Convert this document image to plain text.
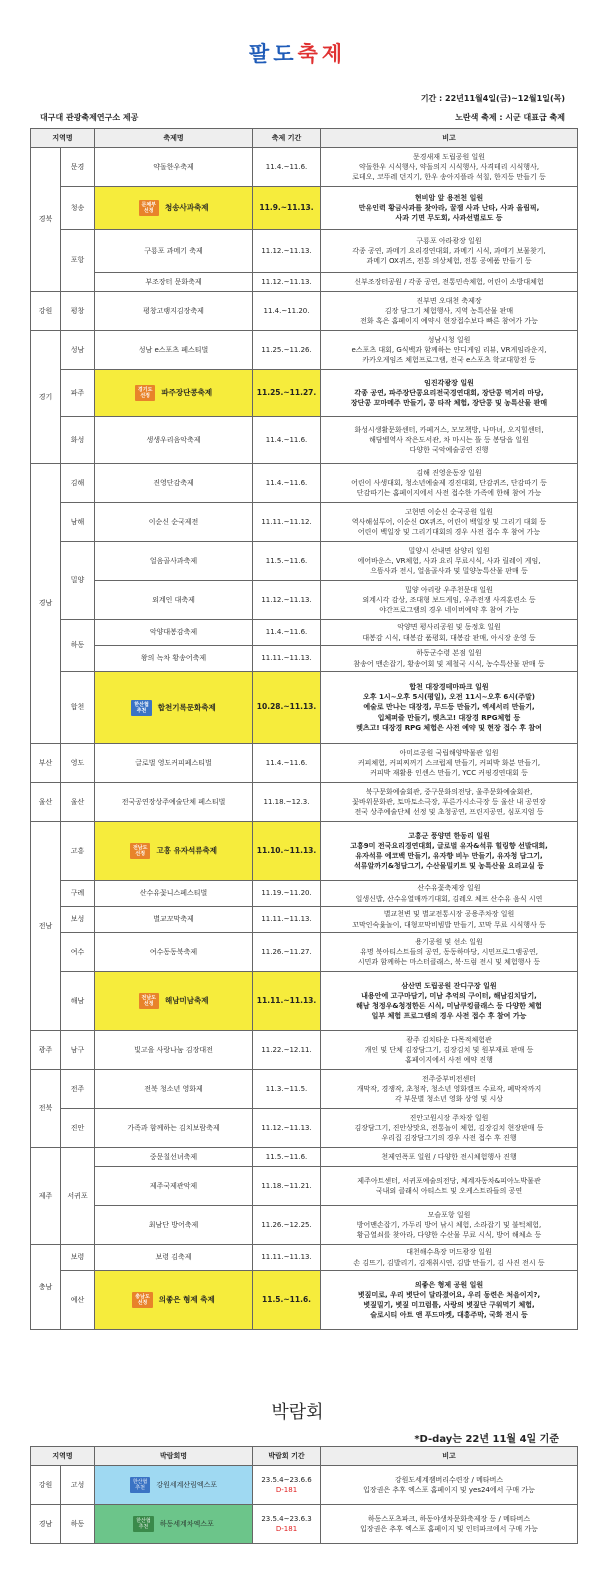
팔도축제
기간 : 22년11월4일(금)~12월1일(목)
대구대 관광축제연구소 제공	노란색 축제 : 시군 대표급 축제
지역명		축제명	축제 기간	비고
경북	문경	약돌한우축제	11.4.~11.6.	문경새재 도립공원 일원
약돌한우 시식행사, 약돌의지 시식행사, 사격테리 시식행사,
로데오, 코뚜레 던지기, 한우 송아지플라 석칠, 한지등 만들기 등
	청송	문체부
선정 청송사과축제	11.9.~11.13.	현비암 앞 용전천 일원
만유인력 황금사과를 찾아라, 꿀잼 사과 난타, 사과 올림픽,
사과 기면 무도회, 사과선별로도 등
	포항	구룡포 과메기 축제	11.12.~11.13.	구룡포 아라광장 일원
각종 공연, 과메기 요리경연대회, 과메기 시식, 과메기 보물찾기,
과메기 OX퀴즈, 전통 의상체험, 전통 공예품 만들기 등
		부조장터 문화축제	11.12.~11.13.	신부조장터공원 / 각종 공연, 전통민속체험, 어린이 소방대체험
강원	평창	평창고랭지김장축제	11.4.~11.20.	진부면 오대천 축제장
김장 담그기 체험행사, 지역 농특산물 판매
전화 혹은 홈페이지 예약시 현장접수보다 빠른 참여가 가능
경기	성남	성남 e스포츠 페스티벌	11.25.~11.26.	성남시청 일원
e스포츠 대회, G식백과 함께하는 얀디게임 리뷰, VR게임라운지,
카카오게임즈 체험프로그램, 전국 e스포츠 학교대항전 등
	파주	경기도
선정 파주장단콩축제	11.25.~11.27.	임진각광장 일원
각종 공연, 파주장단콩요리전국경연대회, 장단콩 먹거리 마당,
장단콩 꼬마메주 만들기, 콩 타작 체험, 장단콩 및 농특산물 판매
	화성	생생우리음악축제	11.4.~11.6.	화성시생활문화센터, 카페거스, 모모책방, 나마녀, 오지힐센터,
해담벨역사 작은도서관, 차 마시는 뜰 등 봉담읍 일원
다양한 국악예술공연 진행
경남	김해	진영단감축제	11.4.~11.6.	김해 진영운동장 일원
어린이 사생대회, 청소년예술제 경진대회, 단감퀴즈, 단감따기 등
단감따기는 홈페이지에서 사전 접수한 가족에 한해 참여 가능
	남해	이순신 순국제전	11.11.~11.12.	고현면 이순신 순국공원 일원
역사해설투어, 이순신 OX퀴즈, 어린이 백일장 및 그리기 대회 등
어린이 백일장 및 그리기대회의 경우 사전 접수 후 참여 가능
	밀양	얼음골사과축제	11.5.~11.6.	밀양시 산내면 삼양리 일원
에어바운스, VR체험, 사과 요리 무료시식, 사과 릴레이 게임,
으뜸사과 전시, 얼음골사과 및 밀양농특산물 판매 등
		외계인 대축제	11.12.~11.13.	밀양 아리랑 우주천문대 일원
외계시각 감상, 조대형 보드게임, 우주전쟁 사격훈련소 등
야간프로그램의 경우 네이버예약 후 참여 가능
	하동	악양대봉감축제	11.4.~11.6.	악양면 평사리공원 및 동정호 일원
대봉감 시식, 대봉감 품평회, 대봉감 판매, 아시장 운영 등
		왕의 녹차 황송어축제	11.11.~11.13.	하동군수령 본점 일원
참송어 맨손잡기, 황송어회 및 제철국 시식, 농수특산물 판매 등
	합천	한산협
추천 합천기록문화축제	10.28.~11.13.	합천 대장경테마파크 일원
오후 1시~오후 5시(평일), 오전 11시~오후 6시(주말)
예술로 만나는 대장경, 무드등 만들기, 엑세서리 만들기,
입체퍼즐 만들기, 렛츠고! 대장경 RPG체험 등
렛츠고! 대장경 RPG 체험은 사전 예약 및 현장 접수 후 참여
부산	영도	글로벌 영도커피페스티벌	11.4.~11.6.	아미르공원 국립해양박물관 일원
커피체험, 커피찌꺼기 스크럽제 만들기, 커피박 화분 만들기,
커피박 재활용 인센스 만들기, YCC 커핑경연대회 등
울산	울산	전국공연장상주예술단체 페스티벌	11.18.~12.3.	북구문화예술회관, 중구문화의전당, 울주문화예술회관,
꽃바위문화관, 토마토소극장, 푸른가시소극장 등 울산 내 공연장
전국 상주예술단체 선정 및 초청공연, 프린지공연, 심포지엄 등
전남	고흥	전남도
선정 고흥 유자석류축제	11.10.~11.13.	고흥군 풍양면 한동리 일원
고흥9미 전국요리경연대회, 글로벌 유자&석류 힐링향 선발대회,
유자석류 에코백 만들기, 유자향 비누 만들기, 유자청 담그기,
석류알까기&청담그기, 수산물밀키트 및 농특산물 요리교실 등
	구례	산수유꽃니스페스티벌	11.19.~11.20.	산수유꽃축제장 일원
일생신밥, 산수유열매까기대회, 김레오 체프 산수유 음식 시연
	보성	별교꼬막축제	11.11.~11.13.	별교천변 및 별교전통시장 공용주차장 일원
꼬막인숙윷놀이, 대형꼬막비빔밥 만들기, 꼬막 무료 시식행사 등
	여수	여수동동북축제	11.26.~11.27.	용기공원 및 선소 일원
유명 북아티스트들의 공연, 동동하마당, 시민프로그램공연,
시민과 함께하는 마스터클래스, 북·드럼 전시 및 체험행사 등
	해남	전남도
선정 해남미남축제	11.11.~11.13.	삼산면 도립공원 잔디구장 일원
내용안에 고구마담기, 미남 추억의 구이터, 해남김치담기,
해남 청정우&청정한돈 시식, 미남쿠킹클래스 등 다양한 체험
일부 체험 프로그램의 경우 사전 접수 후 참여 가능
광주	남구	빛고을 사랑나눔 김장대전	11.22.~12.11.	광주 김치타운 다목적체험관
개인 및 단체 김장담그기, 김장김치 및 원부재료 판매 등
홈페이지에서 사전 예약 진행
전북	전주	전북 청소년 영화제	11.3.~11.5.	전주중부비전센터
개막작, 경쟁작, 초청작, 청소년 영화캠프 수료작, 폐막작까지
각 부문별 청소년 영화 상영 및 시상
	진안	가족과 함께하는 김치보람축제	11.12.~11.13.	진안고원시장 주차장 일원
김장담그기, 진안상맛요, 전통놀이 체험, 김장김치 현장판매 등
우리집 김장담그기의 경우 사전 접수 후 진행
제주	서귀포	중문칠선녀축제	11.5.~11.6.	천제연폭포 일원 / 다양한 전시체험행사 진행
		제주국제관악제	11.18.~11.21.	제주아트센터, 서귀포예술의전당, 체계자동차&피아노박물관
국내외 클래식 아티스트 및 오케스트라들의 공연
		최남단 방어축제	11.26.~12.25.	모슬포항 일원
방어맨손잡기, 가두리 방어 낚시 체험, 소라잡기 및 불턱체험,
황금열쇠를 찾아라, 다양한 수산물 무료 시식, 방어 해체쇼 등
충남	보령	보령 김축제	11.11.~11.13.	대천해수욕장 머드광장 일원
손 김뜨기, 김발리기, 김재취시연, 김밥 만들기, 김 사진 전시 등
	예산	충남도
선정 의좋은 형제 축제	11.5.~11.6.	의좋은 형제 공원 일원
볏짚미로, 우리 볏단이 달라졌어요, 우리 동련은 처음이지?,
볏짚밀기, 볏짚 미끄럼틀, 사랑의 볏짚단 구워먹기 체험,
슬로시티 아트 앤 푸드마켓, 대흥주막, 국화 전시 등
박람회
*D-day는 22년 11월 4일 기준
지역명		박람회명	박람회 기간	비고
강원	고성	한산협
추천 강원세계산림엑스포	23.5.4~23.6.6
D-181	강원도세계잼버리수련장 / 메타버스
입장권은 추후 엑스포 홈페이지 및 yes24에서 구매 가능
경남	하동	한산협
추천 하동세계차엑스포	23.5.4~23.6.3
D-181	하동스포츠파크, 하동야생차문화축제장 등 / 메타버스
입장권은 추후 엑스포 홈페이지 및 인터파크에서 구매 가능
